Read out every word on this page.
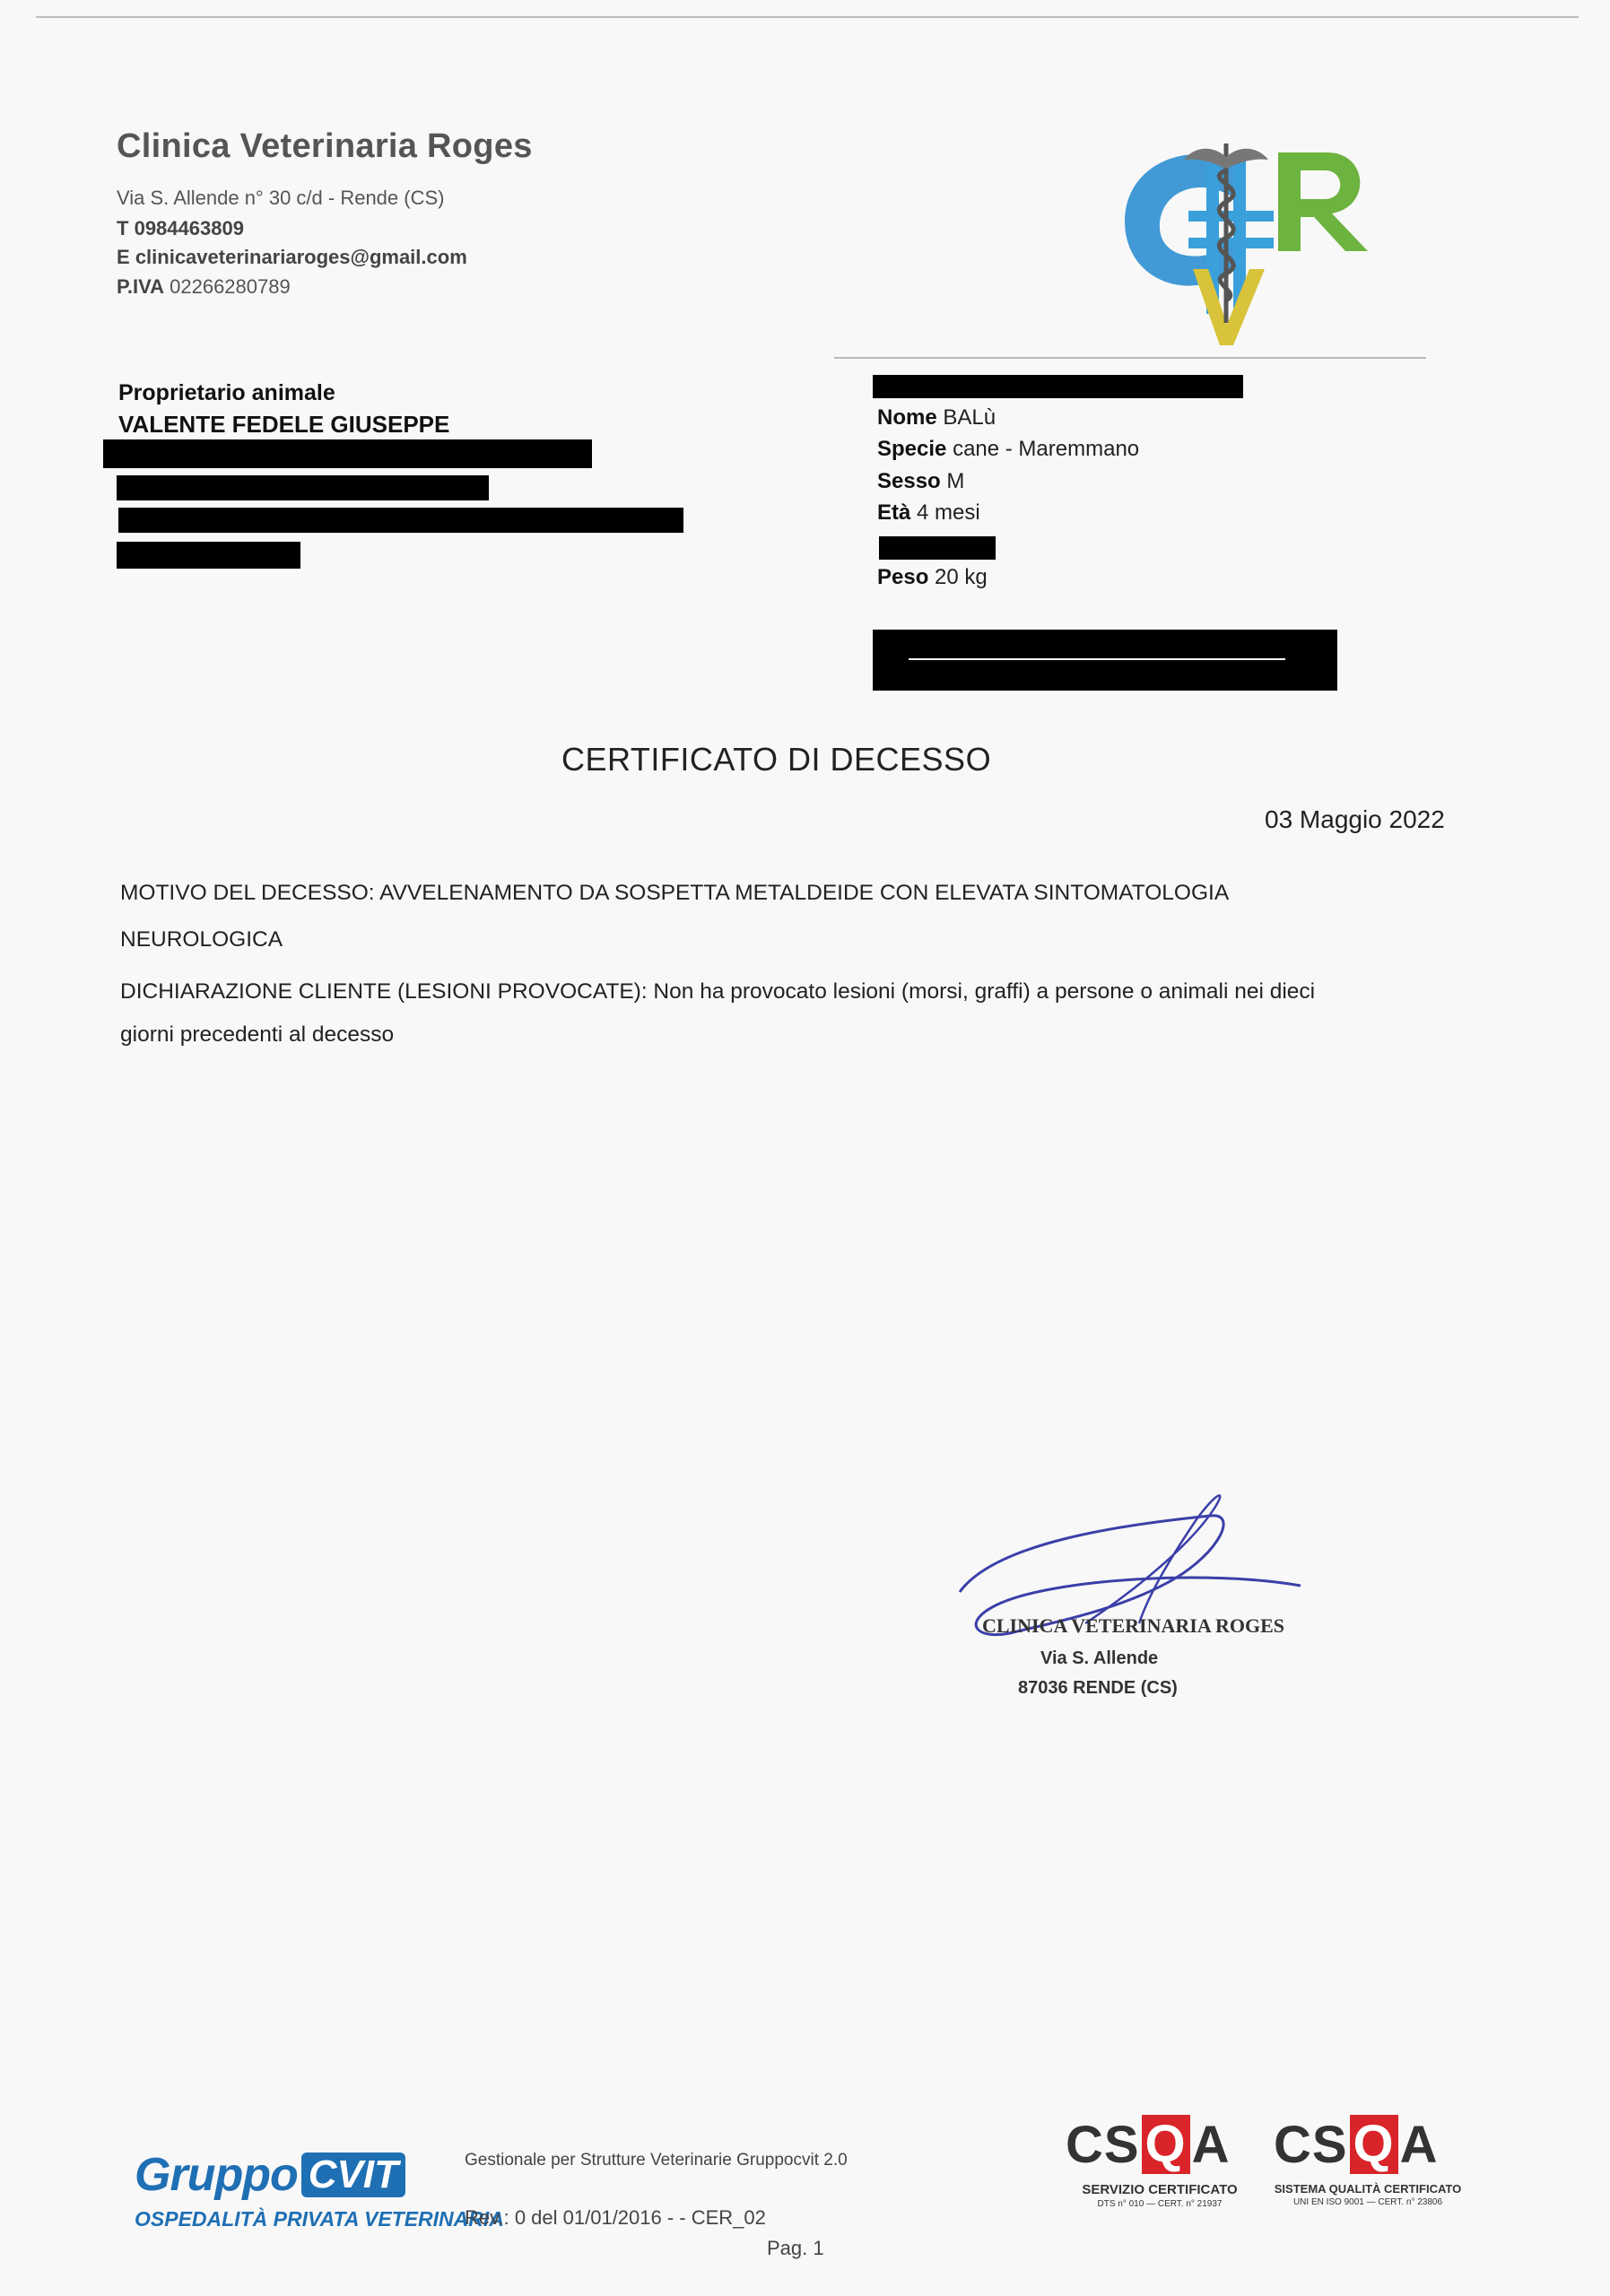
Clinica Veterinaria Roges
Via S. Allende n° 30 c/d - Rende (CS)
T 0984463809
E clinicaveterinariaroges@gmail.com
P.IVA 02266280789
Proprietario animale
VALENTE FEDELE GIUSEPPE	Nome BALù
Specie cane - Maremmano
Sesso M
Età 4 mesi
Peso 20 kg
CERTIFICATO DI DECESSO
03 Maggio 2022
MOTIVO DEL DECESSO: AVVELENAMENTO DA SOSPETTA METALDEIDE CON ELEVATA SINTOMATOLOGIA
NEUROLOGICA
DICHIARAZIONE CLIENTE (LESIONI PROVOCATE): Non ha provocato lesioni (morsi, graffi) a persone o animali nei dieci
giorni precedenti al decesso
CLINICA VETERINARIA ROGES
Via S. Allende
87036 RENDE (CS)
Gruppo CVIT
OSPEDALITÀ PRIVATA VETERINARIA
Gestionale per Strutture Veterinarie Gruppocvit 2.0
Rev.: 0 del 01/01/2016 - - CER_02
Pag. 1
CS Q A
SERVIZIO CERTIFICATO
DTS n° 010 — CERT. n° 21937
CS Q A
SISTEMA QUALITÀ CERTIFICATO
UNI EN ISO 9001 — CERT. n° 23806
